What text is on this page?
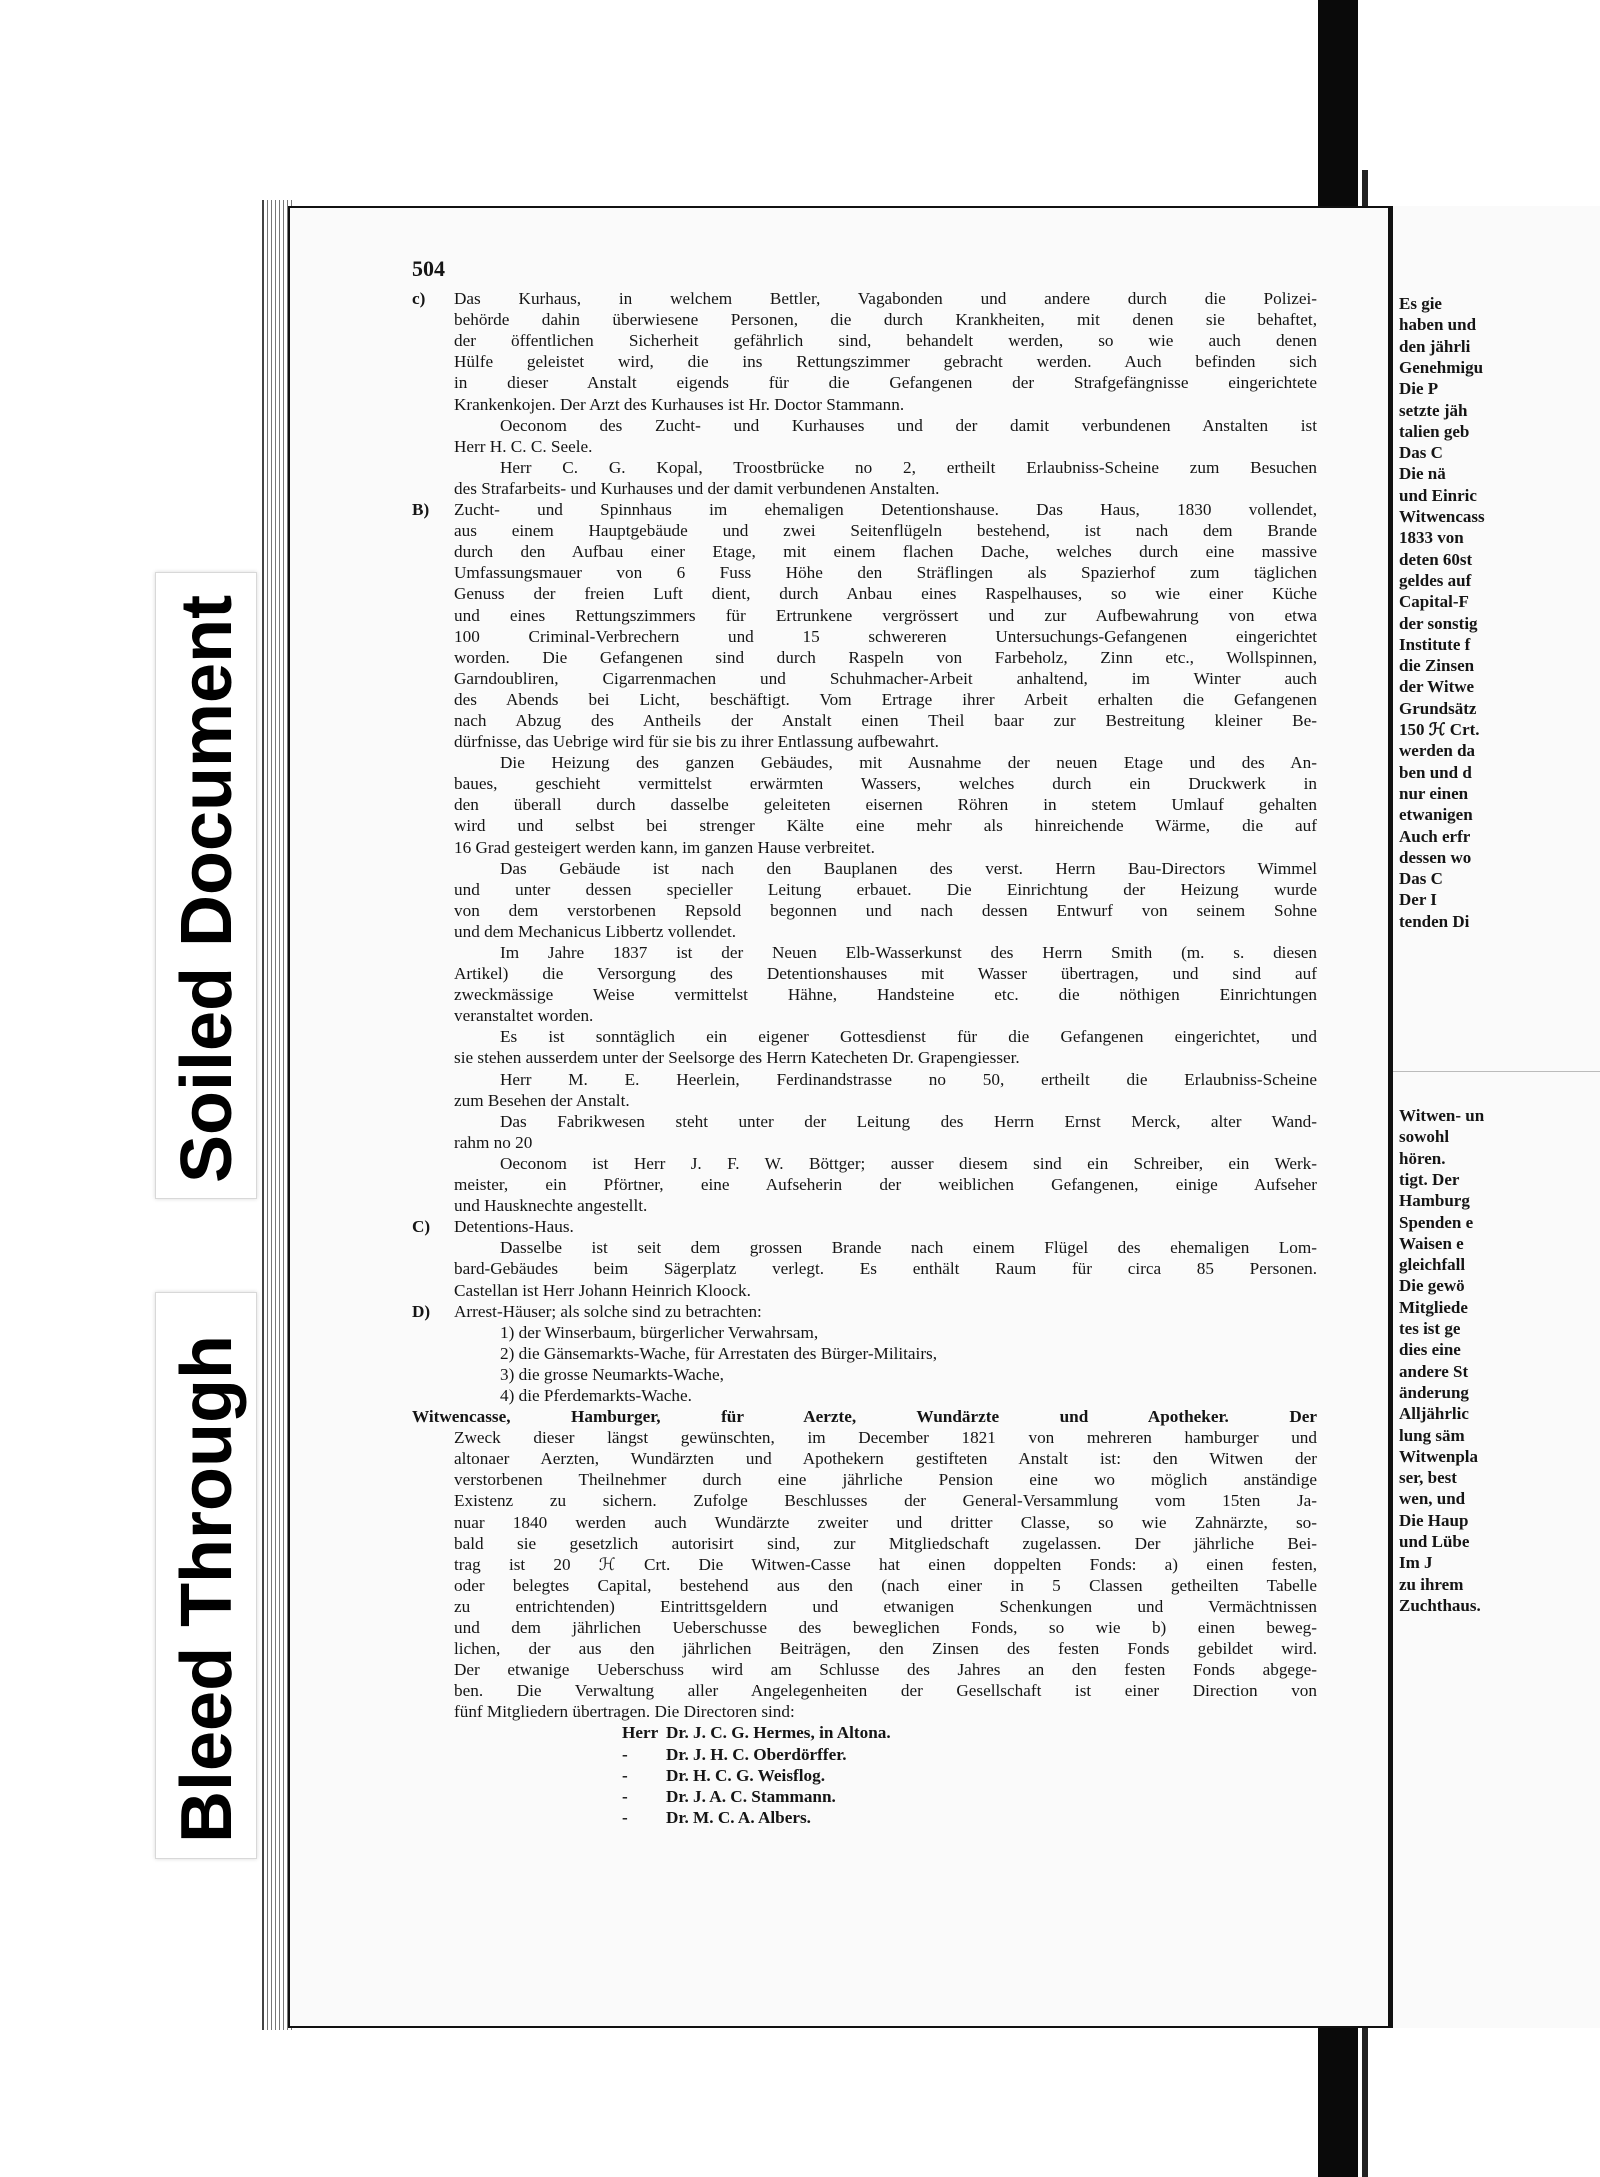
Es gie
haben und
den jährli
Genehmigu
Die P
setzte jäh
talien geb
Das C
Die nä
und Einric
Witwencass
1833 von
deten 60st
geldes auf
Capital-F
der sonstig
Institute f
die Zinsen
der Witwe
Grundsätz
150 ℋ Crt.
werden da
ben und d
nur einen
etwanigen
Auch erfr
dessen wo
Das C
Der I
tenden Di
Witwen- un
sowohl
hören.
tigt. Der
Hamburg
Spenden e
Waisen e
gleichfall
Die gewö
Mitgliede
tes ist ge
dies eine
andere St
änderung
Alljährlic
lung säm
Witwenpla
ser, best
wen, und
Die Haup
und Lübe
Im J
zu ihrem
Zuchthaus.
Bleed Through
Soiled Document
504
c) Das Kurhaus, in welchem Bettler, Vagabonden und andere durch die Polizei-
behörde dahin überwiesene Personen, die durch Krankheiten, mit denen sie behaftet,
der öffentlichen Sicherheit gefährlich sind, behandelt werden, so wie auch denen
Hülfe geleistet wird, die ins Rettungszimmer gebracht werden. Auch befinden sich
in dieser Anstalt eigends für die Gefangenen der Strafgefängnisse eingerichtete
Krankenkojen. Der Arzt des Kurhauses ist Hr. Doctor Stammann.
Oeconom des Zucht- und Kurhauses und der damit verbundenen Anstalten ist
Herr H. C. C. Seele.
Herr C. G. Kopal, Troostbrücke no 2, ertheilt Erlaubniss-Scheine zum Besuchen
des Strafarbeits- und Kurhauses und der damit verbundenen Anstalten.
B) Zucht- und Spinnhaus im ehemaligen Detentionshause. Das Haus, 1830 vollendet,
aus einem Hauptgebäude und zwei Seitenflügeln bestehend, ist nach dem Brande
durch den Aufbau einer Etage, mit einem flachen Dache, welches durch eine massive
Umfassungsmauer von 6 Fuss Höhe den Sträflingen als Spazierhof zum täglichen
Genuss der freien Luft dient, durch Anbau eines Raspelhauses, so wie einer Küche
und eines Rettungszimmers für Ertrunkene vergrössert und zur Aufbewahrung von etwa
100 Criminal-Verbrechern und 15 schwereren Untersuchungs-Gefangenen eingerichtet
worden. Die Gefangenen sind durch Raspeln von Farbeholz, Zinn etc., Wollspinnen,
Garndoubliren, Cigarrenmachen und Schuhmacher-Arbeit anhaltend, im Winter auch
des Abends bei Licht, beschäftigt. Vom Ertrage ihrer Arbeit erhalten die Gefangenen
nach Abzug des Antheils der Anstalt einen Theil baar zur Bestreitung kleiner Be-
dürfnisse, das Uebrige wird für sie bis zu ihrer Entlassung aufbewahrt.
Die Heizung des ganzen Gebäudes, mit Ausnahme der neuen Etage und des An-
baues, geschieht vermittelst erwärmten Wassers, welches durch ein Druckwerk in
den überall durch dasselbe geleiteten eisernen Röhren in stetem Umlauf gehalten
wird und selbst bei strenger Kälte eine mehr als hinreichende Wärme, die auf
16 Grad gesteigert werden kann, im ganzen Hause verbreitet.
Das Gebäude ist nach den Bauplanen des verst. Herrn Bau-Directors Wimmel
und unter dessen specieller Leitung erbauet. Die Einrichtung der Heizung wurde
von dem verstorbenen Repsold begonnen und nach dessen Entwurf von seinem Sohne
und dem Mechanicus Libbertz vollendet.
Im Jahre 1837 ist der Neuen Elb-Wasserkunst des Herrn Smith (m. s. diesen
Artikel) die Versorgung des Detentionshauses mit Wasser übertragen, und sind auf
zweckmässige Weise vermittelst Hähne, Handsteine etc. die nöthigen Einrichtungen
veranstaltet worden.
Es ist sonntäglich ein eigener Gottesdienst für die Gefangenen eingerichtet, und
sie stehen ausserdem unter der Seelsorge des Herrn Katecheten Dr. Grapengiesser.
Herr M. E. Heerlein, Ferdinandstrasse no 50, ertheilt die Erlaubniss-Scheine
zum Besehen der Anstalt.
Das Fabrikwesen steht unter der Leitung des Herrn Ernst Merck, alter Wand-
rahm no 20
Oeconom ist Herr J. F. W. Böttger; ausser diesem sind ein Schreiber, ein Werk-
meister, ein Pförtner, eine Aufseherin der weiblichen Gefangenen, einige Aufseher
und Hausknechte angestellt.
C) Detentions-Haus.
Dasselbe ist seit dem grossen Brande nach einem Flügel des ehemaligen Lom-
bard-Gebäudes beim Sägerplatz verlegt. Es enthält Raum für circa 85 Personen.
Castellan ist Herr Johann Heinrich Kloock.
D) Arrest-Häuser; als solche sind zu betrachten:
1) der Winserbaum, bürgerlicher Verwahrsam,
2) die Gänsemarkts-Wache, für Arrestaten des Bürger-Militairs,
3) die grosse Neumarkts-Wache,
4) die Pferdemarkts-Wache.
Witwencasse, Hamburger, für Aerzte, Wundärzte und Apotheker. Der
Zweck dieser längst gewünschten, im December 1821 von mehreren hamburger und
altonaer Aerzten, Wundärzten und Apothekern gestifteten Anstalt ist: den Witwen der
verstorbenen Theilnehmer durch eine jährliche Pension eine wo möglich anständige
Existenz zu sichern. Zufolge Beschlusses der General-Versammlung vom 15ten Ja-
nuar 1840 werden auch Wundärzte zweiter und dritter Classe, so wie Zahnärzte, so-
bald sie gesetzlich autorisirt sind, zur Mitgliedschaft zugelassen. Der jährliche Bei-
trag ist 20 ℋ Crt. Die Witwen-Casse hat einen doppelten Fonds: a) einen festen,
oder belegtes Capital, bestehend aus den (nach einer in 5 Classen getheilten Tabelle
zu entrichtenden) Eintrittsgeldern und etwanigen Schenkungen und Vermächtnissen
und dem jährlichen Ueberschusse des beweglichen Fonds, so wie b) einen beweg-
lichen, der aus den jährlichen Beiträgen, den Zinsen des festen Fonds gebildet wird.
Der etwanige Ueberschuss wird am Schlusse des Jahres an den festen Fonds abgege-
ben. Die Verwaltung aller Angelegenheiten der Gesellschaft ist einer Direction von
fünf Mitgliedern übertragen. Die Directoren sind:
Herr Dr. J. C. G. Hermes, in Altona.
- Dr. J. H. C. Oberdörffer.
- Dr. H. C. G. Weisflog.
- Dr. J. A. C. Stammann.
- Dr. M. C. A. Albers.
